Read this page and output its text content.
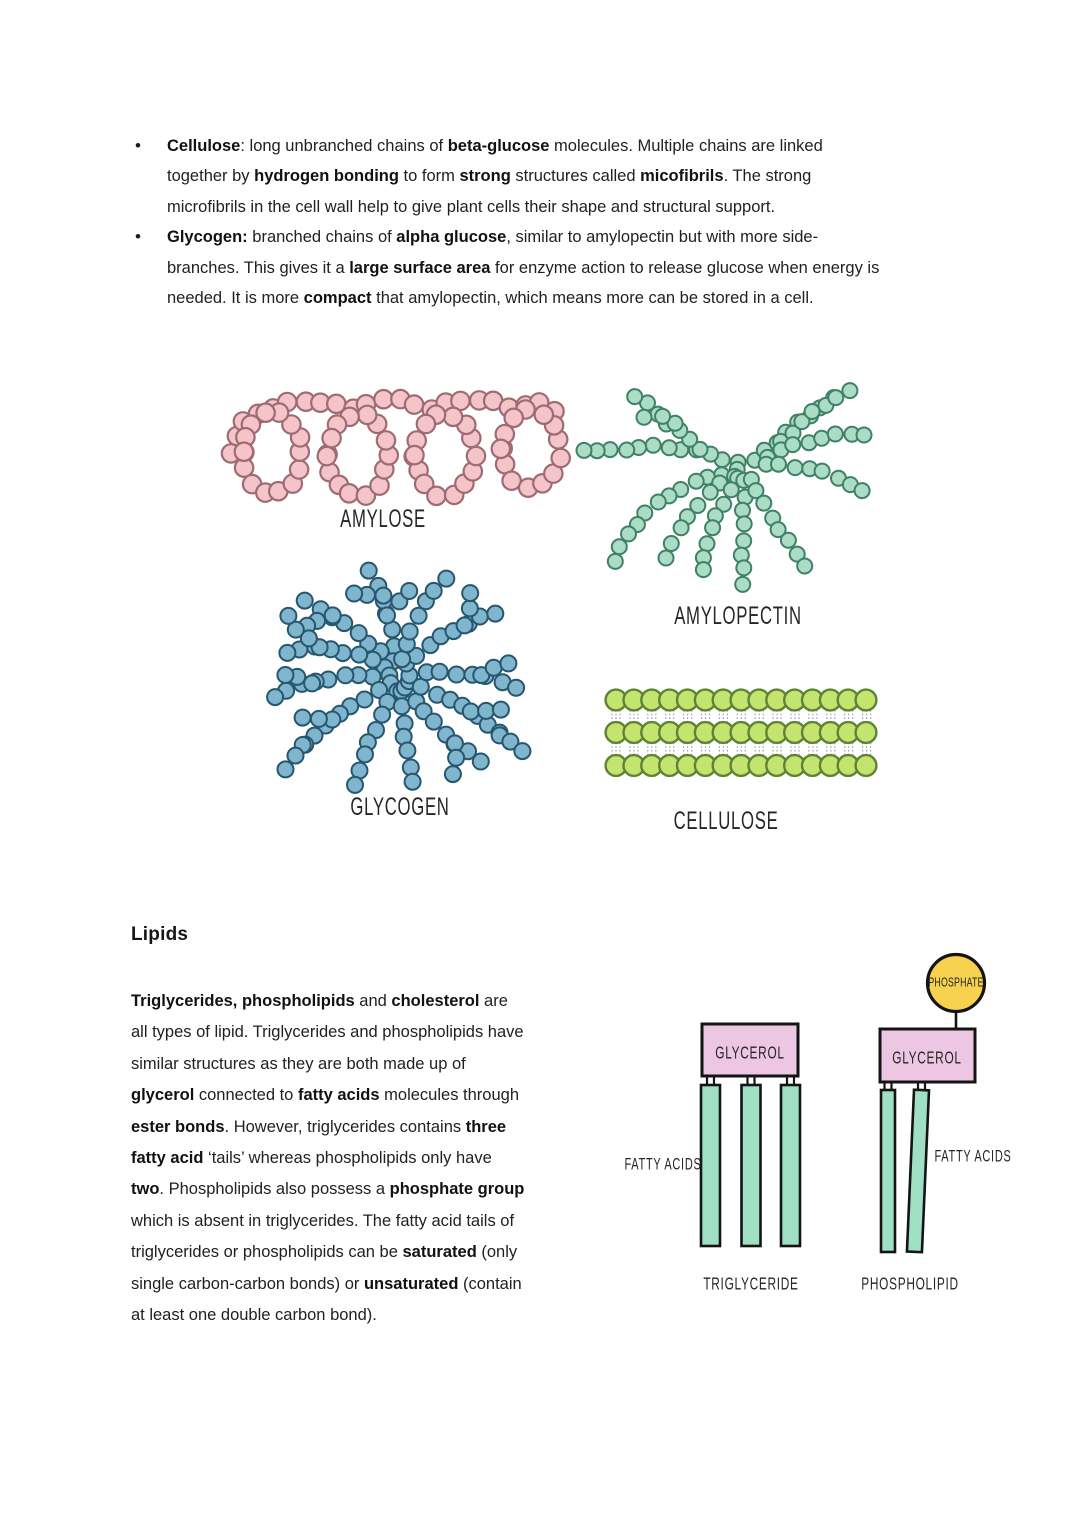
• Cellulose: long unbranched chains of beta-glucose molecules. Multiple chains are linked
together by hydrogen bonding to form strong structures called micofibrils. The strong
microfibrils in the cell wall help to give plant cells their shape and structural support.
• Glycogen: branched chains of alpha glucose, similar to amylopectin but with more side-
branches. This gives it a large surface area for enzyme action to release glucose when energy is
needed. It is more compact that amylopectin, which means more can be stored in a cell.
AMYLOSE
AMYLOPECTIN
GLYCOGEN
CELLULOSE
Lipids
Triglycerides, phospholipids and cholesterol are
all types of lipid. Triglycerides and phospholipids have
similar structures as they are both made up of
glycerol connected to fatty acids molecules through
ester bonds. However, triglycerides contains three
fatty acid ‘tails’ whereas phospholipids only have
two. Phospholipids also possess a phosphate group
which is absent in triglycerides. The fatty acid tails of
triglycerides or phospholipids can be saturated (only
single carbon-carbon bonds) or unsaturated (contain
at least one double carbon bond).
GLYCEROL	GLYCEROL
PHOSPHATE
FATTY ACIDS	FATTY ACIDS
TRIGLYCERIDE	PHOSPHOLIPID
